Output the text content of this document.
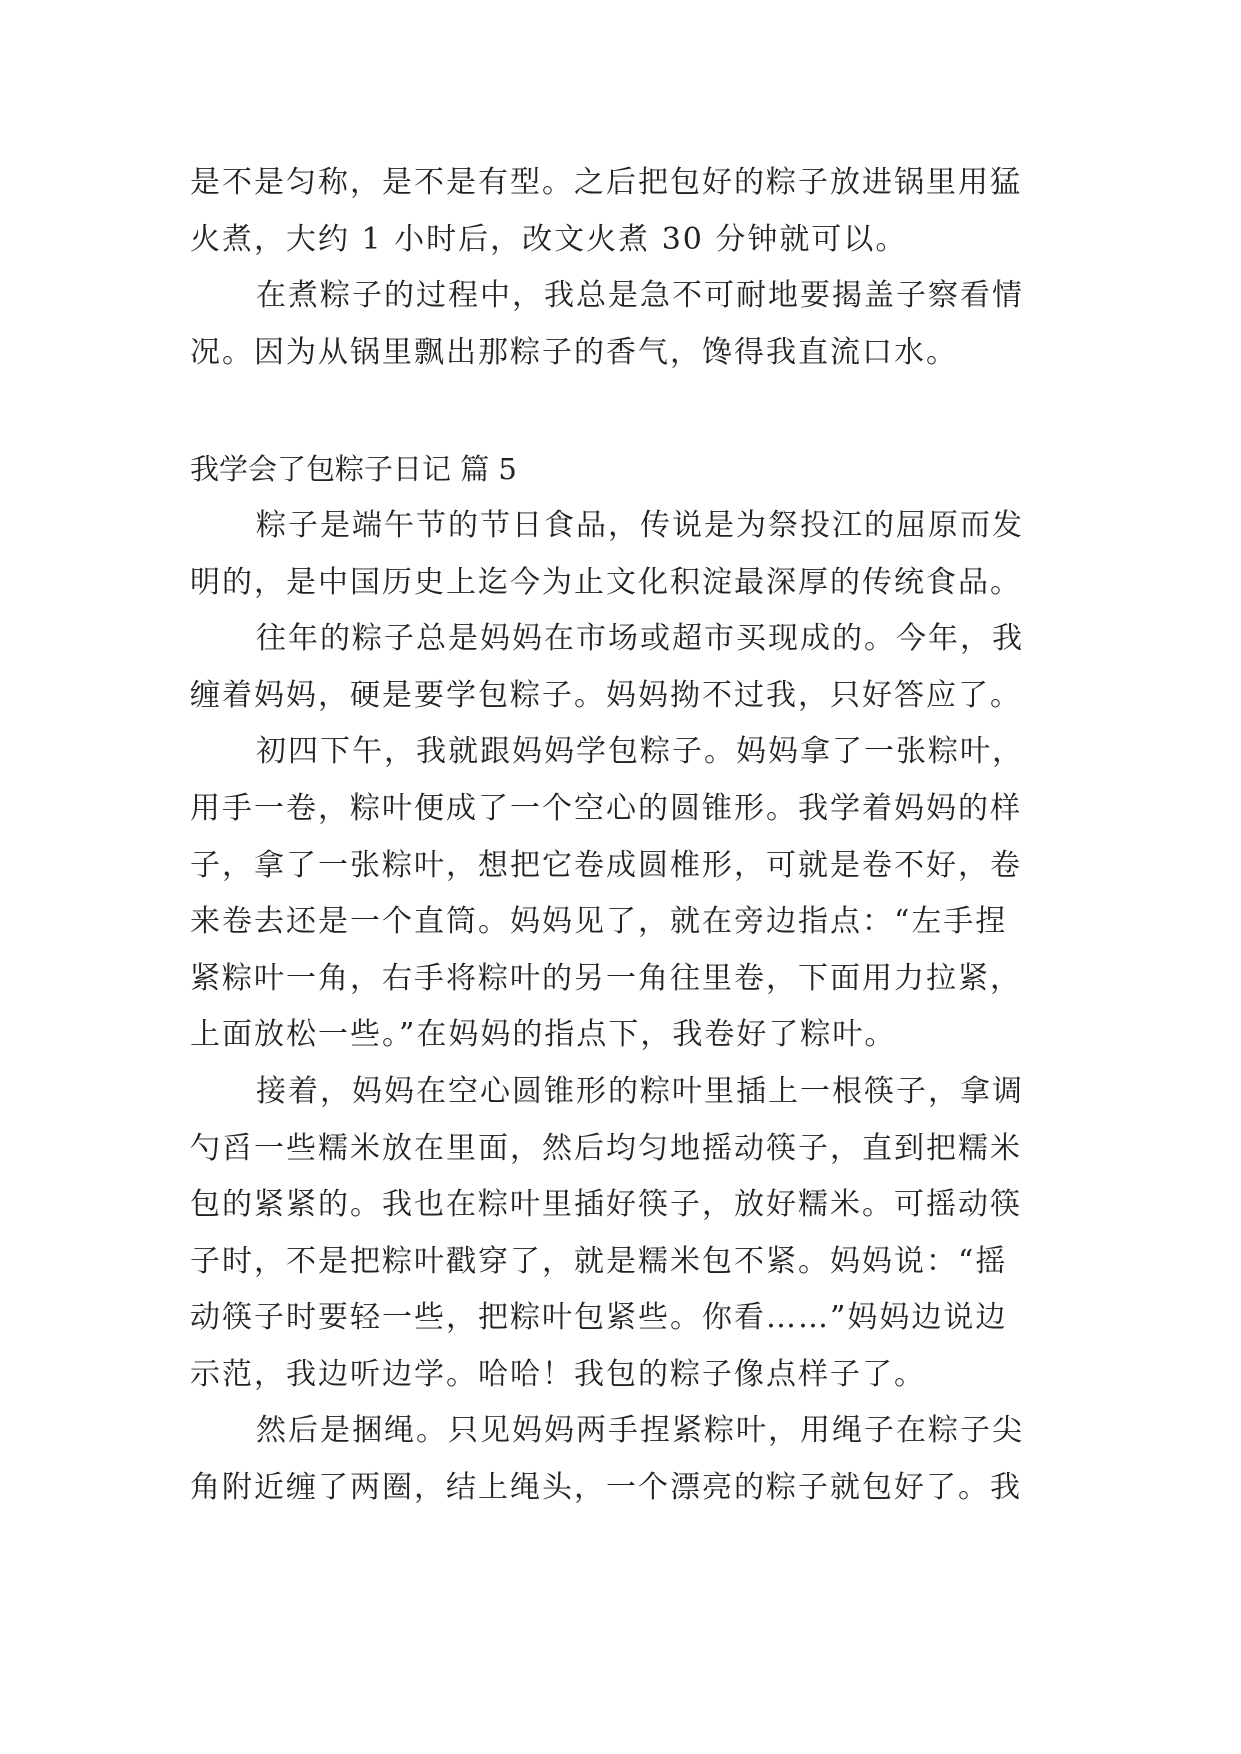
是不是匀称，是不是有型。之后把包好的粽子放进锅里用猛
火煮，大约 1 小时后，改文火煮 30 分钟就可以。
在煮粽子的过程中，我总是急不可耐地要揭盖子察看情
况。因为从锅里飘出那粽子的香气，馋得我直流口水。
我学会了包粽子日记 篇 5
粽子是端午节的节日食品，传说是为祭投江的屈原而发
明的，是中国历史上迄今为止文化积淀最深厚的传统食品。
往年的粽子总是妈妈在市场或超市买现成的。今年，我
缠着妈妈，硬是要学包粽子。妈妈拗不过我，只好答应了。
初四下午，我就跟妈妈学包粽子。妈妈拿了一张粽叶，
用手一卷，粽叶便成了一个空心的圆锥形。我学着妈妈的样
子，拿了一张粽叶，想把它卷成圆椎形，可就是卷不好，卷
来卷去还是一个直筒。妈妈见了，就在旁边指点：“左手捏
紧粽叶一角，右手将粽叶的另一角往里卷，下面用力拉紧，
上面放松一些。”在妈妈的指点下，我卷好了粽叶。
接着，妈妈在空心圆锥形的粽叶里插上一根筷子，拿调
勺舀一些糯米放在里面，然后均匀地摇动筷子，直到把糯米
包的紧紧的。我也在粽叶里插好筷子，放好糯米。可摇动筷
子时，不是把粽叶戳穿了，就是糯米包不紧。妈妈说：“摇
动筷子时要轻一些，把粽叶包紧些。你看……”妈妈边说边
示范，我边听边学。哈哈！我包的粽子像点样子了。
然后是捆绳。只见妈妈两手捏紧粽叶，用绳子在粽子尖
角附近缠了两圈，结上绳头，一个漂亮的粽子就包好了。我
